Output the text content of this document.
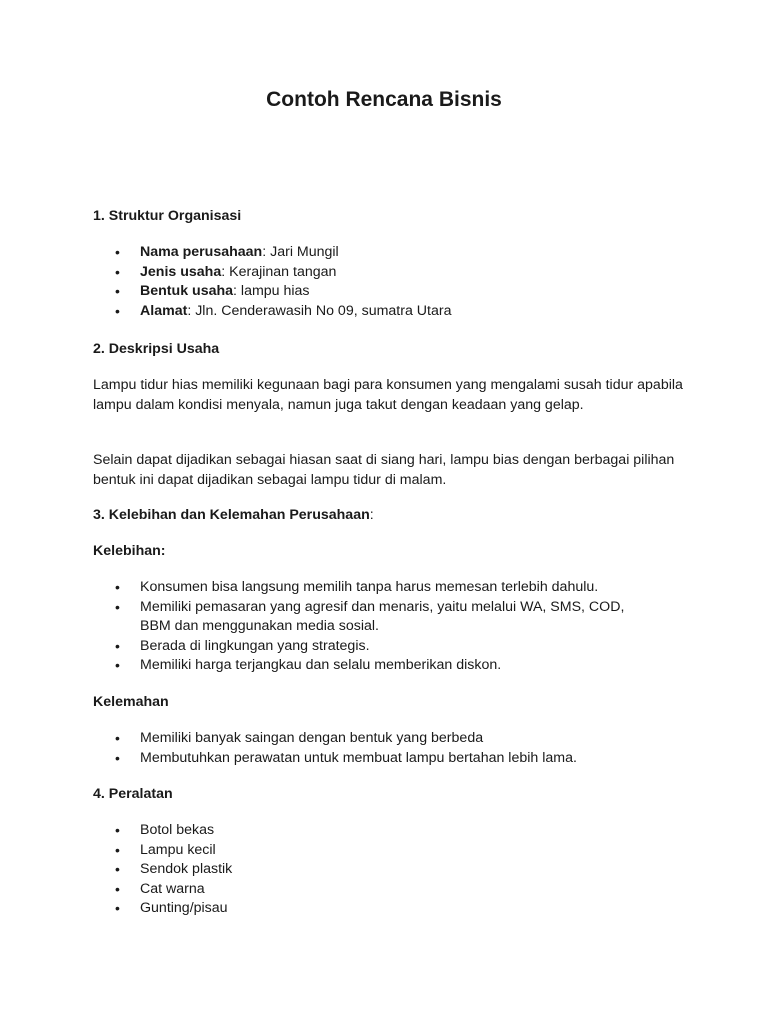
Contoh Rencana Bisnis
1. Struktur Organisasi
• Nama perusahaan: Jari Mungil
• Jenis usaha: Kerajinan tangan
• Bentuk usaha: lampu hias
• Alamat: Jln. Cenderawasih No 09, sumatra Utara
2. Deskripsi Usaha
Lampu tidur hias memiliki kegunaan bagi para konsumen yang mengalami susah tidur apabila lampu dalam kondisi menyala, namun juga takut dengan keadaan yang gelap.
Selain dapat dijadikan sebagai hiasan saat di siang hari, lampu bias dengan berbagai pilihan bentuk ini dapat dijadikan sebagai lampu tidur di malam.
3. Kelebihan dan Kelemahan Perusahaan:
Kelebihan:
• Konsumen bisa langsung memilih tanpa harus memesan terlebih dahulu.
• Memiliki pemasaran yang agresif dan menaris, yaitu melalui WA, SMS, COD, BBM dan menggunakan media sosial.
• Berada di lingkungan yang strategis.
• Memiliki harga terjangkau dan selalu memberikan diskon.
Kelemahan
• Memiliki banyak saingan dengan bentuk yang berbeda
• Membutuhkan perawatan untuk membuat lampu bertahan lebih lama.
4. Peralatan
• Botol bekas
• Lampu kecil
• Sendok plastik
• Cat warna
• Gunting/pisau
